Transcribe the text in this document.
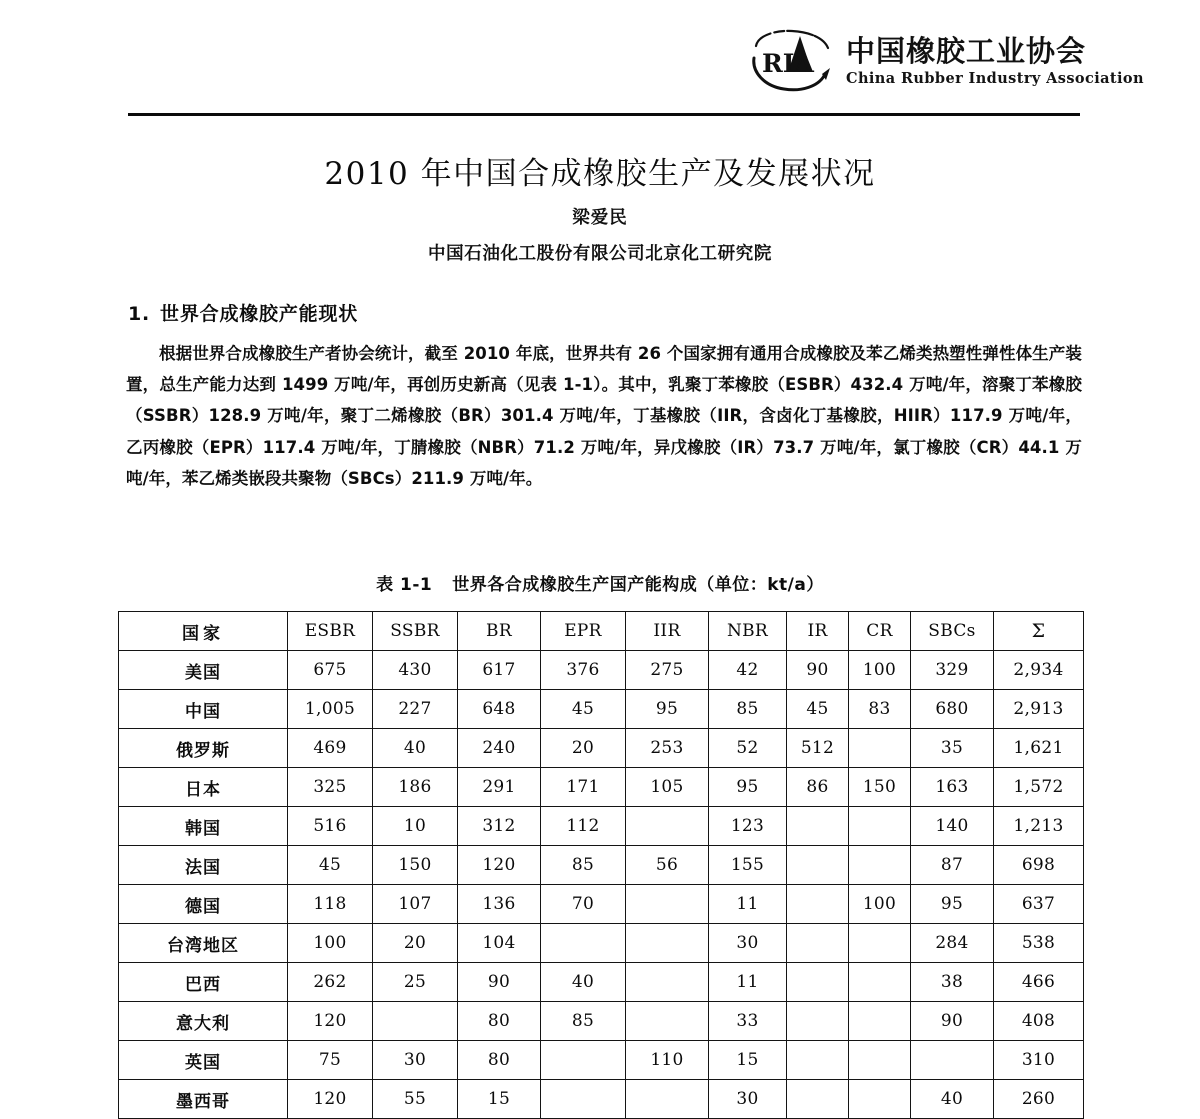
RIA 中国橡胶工业协会
China Rubber Industry Association
2010 年中国合成橡胶生产及发展状况
梁爱民
中国石油化工股份有限公司北京化工研究院
1. 世界合成橡胶产能现状
根据世界合成橡胶生产者协会统计，截至 2010 年底，世界共有 26 个国家拥有通用合成橡胶及苯乙烯类热塑性弹性体生产装置，总生产能力达到 1499 万吨/年，再创历史新高（见表 1-1）。其中，乳聚丁苯橡胶（ESBR）432.4 万吨/年，溶聚丁苯橡胶（SSBR）128.9 万吨/年，聚丁二烯橡胶（BR）301.4 万吨/年，丁基橡胶（IIR，含卤化丁基橡胶，HIIR）117.9 万吨/年，乙丙橡胶（EPR）117.4 万吨/年，丁腈橡胶（NBR）71.2 万吨/年，异戊橡胶（IR）73.7 万吨/年，氯丁橡胶（CR）44.1 万吨/年，苯乙烯类嵌段共聚物（SBCs）211.9 万吨/年。
表 1-1 世界各合成橡胶生产国产能构成（单位：kt/a）
国家	ESBR	SSBR	BR	EPR	IIR	NBR	IR	CR	SBCs	Σ
美国	675	430	617	376	275	42	90	100	329	2,934
中国	1,005	227	648	45	95	85	45	83	680	2,913
俄罗斯	469	40	240	20	253	52	512		35	1,621
日本	325	186	291	171	105	95	86	150	163	1,572
韩国	516	10	312	112		123			140	1,213
法国	45	150	120	85	56	155			87	698
德国	118	107	136	70		11		100	95	637
台湾地区	100	20	104			30			284	538
巴西	262	25	90	40		11			38	466
意大利	120		80	85		33			90	408
英国	75	30	80		110	15				310
墨西哥	120	55	15			30			40	260
